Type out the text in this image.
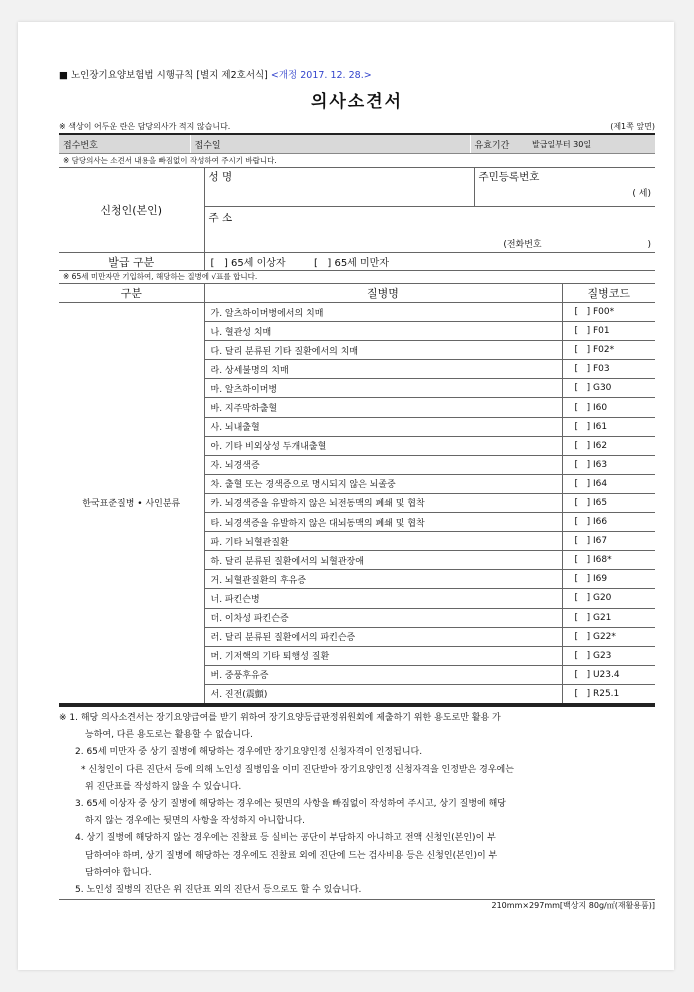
■ 노인장기요양보험법 시행규칙 [별지 제2호서식] <개정 2017. 12. 28.>
의사소견서
※ 색상이 어두운 란은 담당의사가 적지 않습니다.	(제1쪽 앞면)
접수번호	접수일	유효기간	발급일부터 30일
※ 담당의사는 소견서 내용을 빠짐없이 작성하여 주시기 바랍니다.
신청인(본인)	성 명	주민등록번호
( 세)

	주 소
(전화번호                                     )	

발급 구분	[   ] 65세 이상자 [   ] 65세 미만자	
※ 65세 미만자만 기입하여, 해당하는 질병에 √표를 합니다.
구분	질병명	질병코드
한국표준질병 • 사인분류	가. 알츠하이머병에서의 치매	[   ] F00*
	나. 혈관성 치매	[   ] F01
	다. 달리 분류된 기타 질환에서의 치매	[   ] F02*
	라. 상세불명의 치매	[   ] F03
	마. 알츠하이머병	[   ] G30
	바. 지주막하출혈	[   ] I60
	사. 뇌내출혈	[   ] I61
	아. 기타 비외상성 두개내출혈	[   ] I62
	자. 뇌경색증	[   ] I63
	차. 출혈 또는 경색증으로 명시되지 않은 뇌졸중	[   ] I64
	카. 뇌경색증을 유발하지 않은 뇌전동맥의 폐쇄 및 협착	[   ] I65
	타. 뇌경색증을 유발하지 않은 대뇌동맥의 폐쇄 및 협착	[   ] I66
	파. 기타 뇌혈관질환	[   ] I67
	하. 달리 분류된 질환에서의 뇌혈관장애	[   ] I68*
	거. 뇌혈관질환의 후유증	[   ] I69
	너. 파킨슨병	[   ] G20
	더. 이차성 파킨슨증	[   ] G21
	러. 달리 분류된 질환에서의 파킨슨증	[   ] G22*
	머. 기저핵의 기타 퇴행성 질환	[   ] G23
	버. 중풍후유증	[   ] U23.4
	서. 진전(震顫)	[   ] R25.1
※ 1. 해당 의사소견서는 장기요양급여를 받기 위하여 장기요양등급판정위원회에 제출하기 위한 용도로만 활용 가
능하여, 다른 용도로는 활용할 수 없습니다.
2. 65세 미만자 중 상기 질병에 해당하는 경우에만 장기요양인정 신청자격이 인정됩니다.
* 신청인이 다른 진단서 등에 의해 노인성 질병임을 이미 진단받아 장기요양인정 신청자격을 인정받은 경우에는
위 진단표를 작성하지 않을 수 있습니다.
3. 65세 이상자 중 상기 질병에 해당하는 경우에는 뒷면의 사항을 빠짐없이 작성하여 주시고, 상기 질병에 해당
하지 않는 경우에는 뒷면의 사항을 작성하지 아니합니다.
4. 상기 질병에 해당하지 않는 경우에는 진찰료 등 실비는 공단이 부담하지 아니하고 전액 신청인(본인)이 부
담하여야 하며, 상기 질병에 해당하는 경우에도 진찰료 외에 진단에 드는 검사비용 등은 신청인(본인)이 부
담하여야 합니다.
5. 노인성 질병의 진단은 위 진단표 외의 진단서 등으로도 할 수 있습니다.
210mm×297mm[백상지 80g/㎡(재활용품)]
